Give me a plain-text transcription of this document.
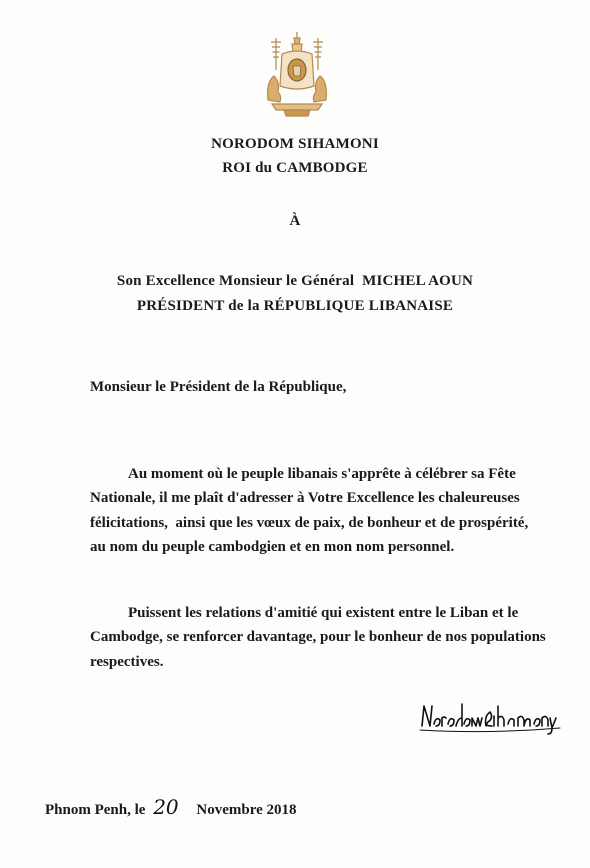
NORODOM SIHAMONI
ROI du CAMBODGE
À
Son Excellence Monsieur le Général  MICHEL AOUN
PRÉSIDENT de la RÉPUBLIQUE LIBANAISE
Monsieur le Président de la République,

Au moment où le peuple libanais s'apprête à célébrer sa Fête
Nationale, il me plaît d'adresser à Votre Excellence les chaleureuses
félicitations,  ainsi que les vœux de paix, de bonheur et de prospérité,
au nom du peuple cambodgien et en mon nom personnel.

Puissent les relations d'amitié qui existent entre le Liban et le
Cambodge, se renforcer davantage, pour le bonheur de nos populations
respectives.

Phnom Penh, le 20 Novembre 2018
